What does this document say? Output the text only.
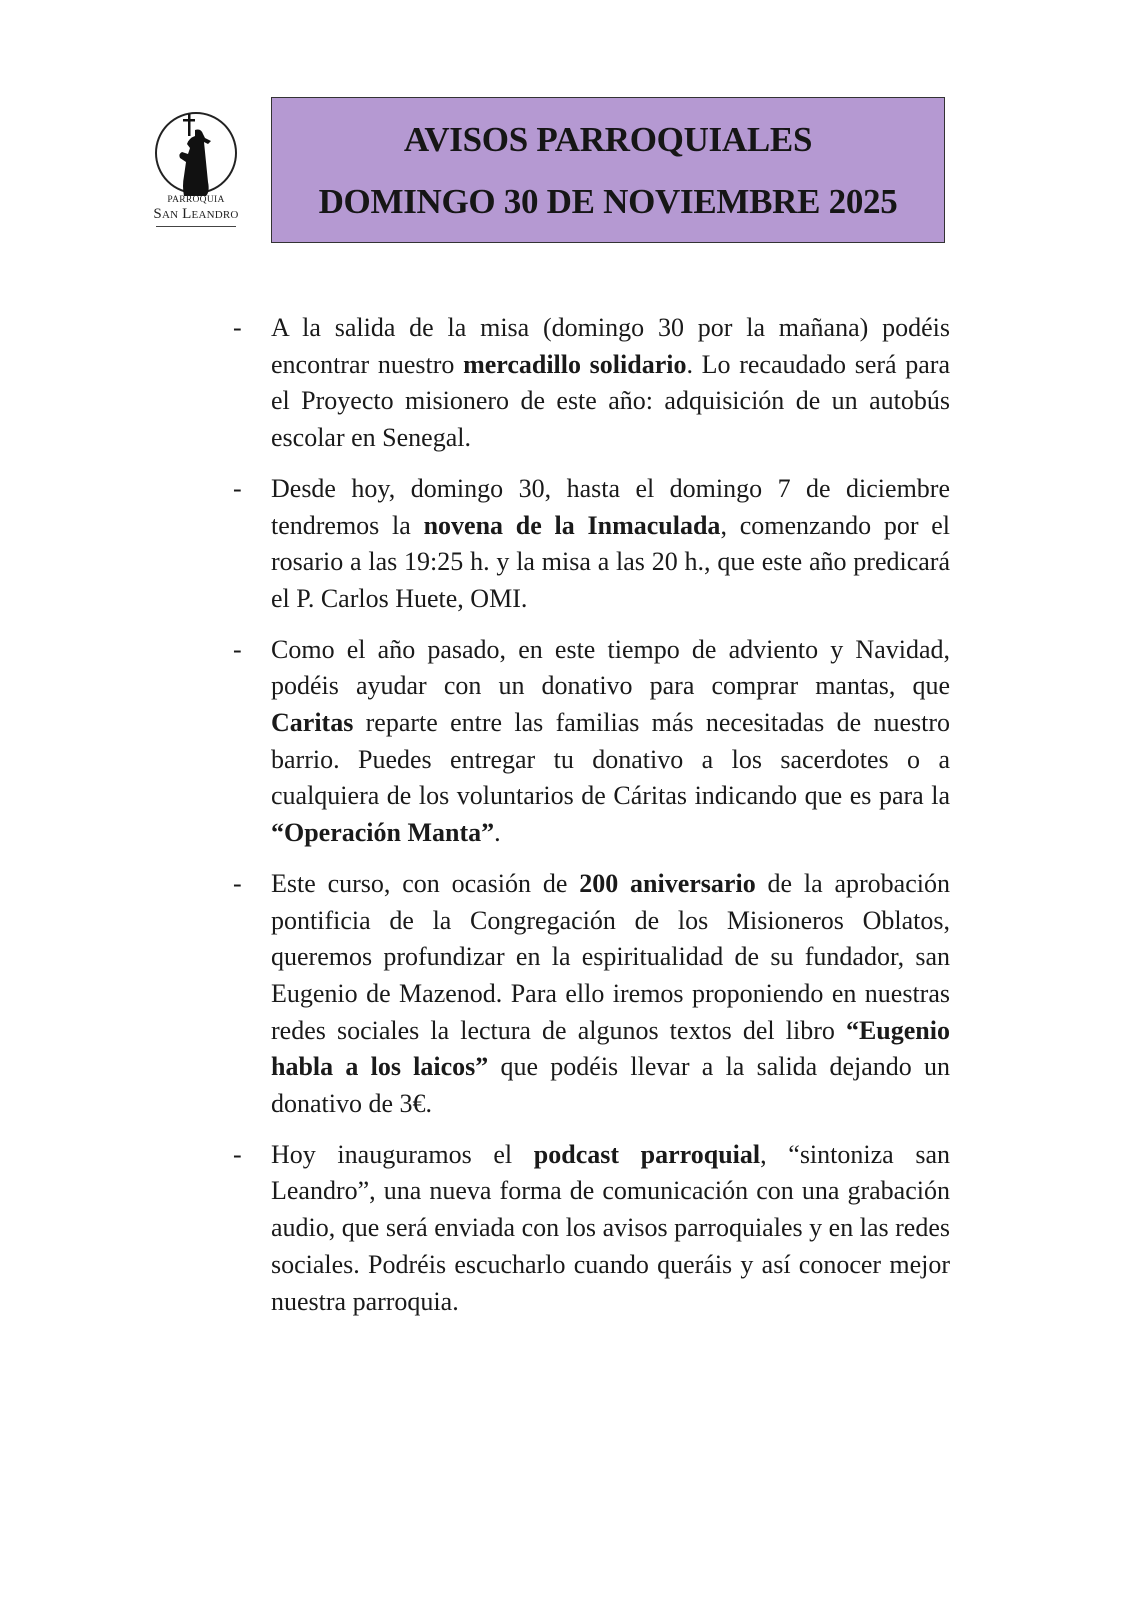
PARROQUIA
San Leandro
AVISOS PARROQUIALES
DOMINGO 30 DE NOVIEMBRE 2025
-	A la salida de la misa (domingo 30 por la mañana) podéis encontrar nuestro mercadillo solidario. Lo recaudado será para el Proyecto misionero de este año: adquisición de un autobús escolar en Senegal.
-	Desde hoy, domingo 30, hasta el domingo 7 de diciembre tendremos la novena de la Inmaculada, comenzando por el rosario a las 19:25 h. y la misa a las 20 h., que este año predicará el P. Carlos Huete, OMI.
-	Como el año pasado, en este tiempo de adviento y Navidad, podéis ayudar con un donativo para comprar mantas, que Caritas reparte entre las familias más necesitadas de nuestro barrio. Puedes entregar tu donativo a los sacerdotes o a cualquiera de los voluntarios de Cáritas indicando que es para la “Operación Manta”.
-	Este curso, con ocasión de 200 aniversario de la aprobación pontificia de la Congregación de los Misioneros Oblatos, queremos profundizar en la espiritualidad de su fundador, san Eugenio de Mazenod. Para ello iremos proponiendo en nuestras redes sociales la lectura de algunos textos del libro “Eugenio habla a los laicos” que podéis llevar a la salida dejando un donativo de 3€.
-	Hoy inauguramos el podcast parroquial, “sintoniza san Leandro”, una nueva forma de comunicación con una grabación audio, que será enviada con los avisos parroquiales y en las redes sociales. Podréis escucharlo cuando queráis y así conocer mejor nuestra parroquia.
